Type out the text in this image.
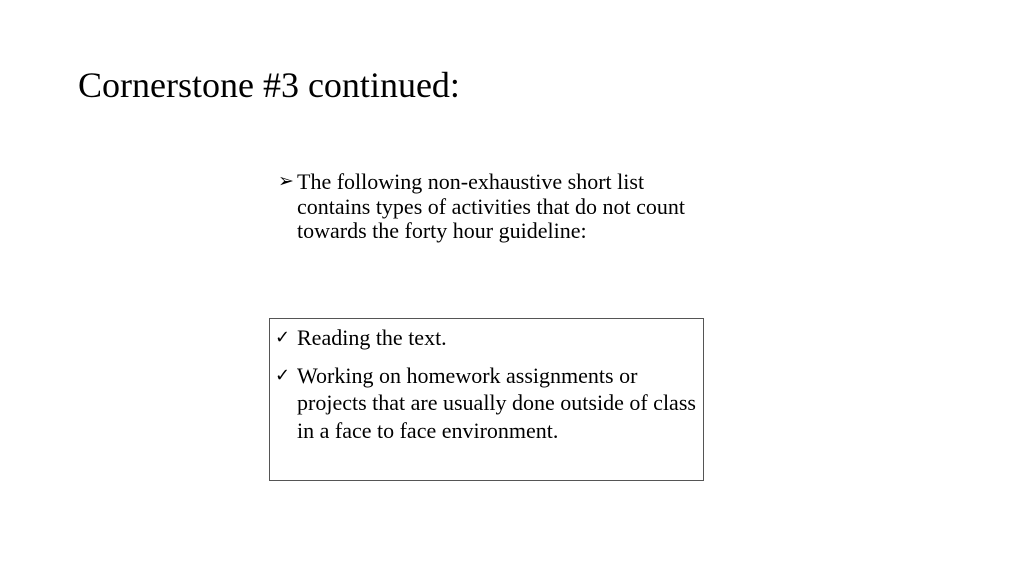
Cornerstone #3 continued:
➢ The following non-exhaustive short list contains types of activities that do not count towards the forty hour guideline:
✓ Reading the text.
✓ Working on homework assignments or projects that are usually done outside of class in a face to face environment.
